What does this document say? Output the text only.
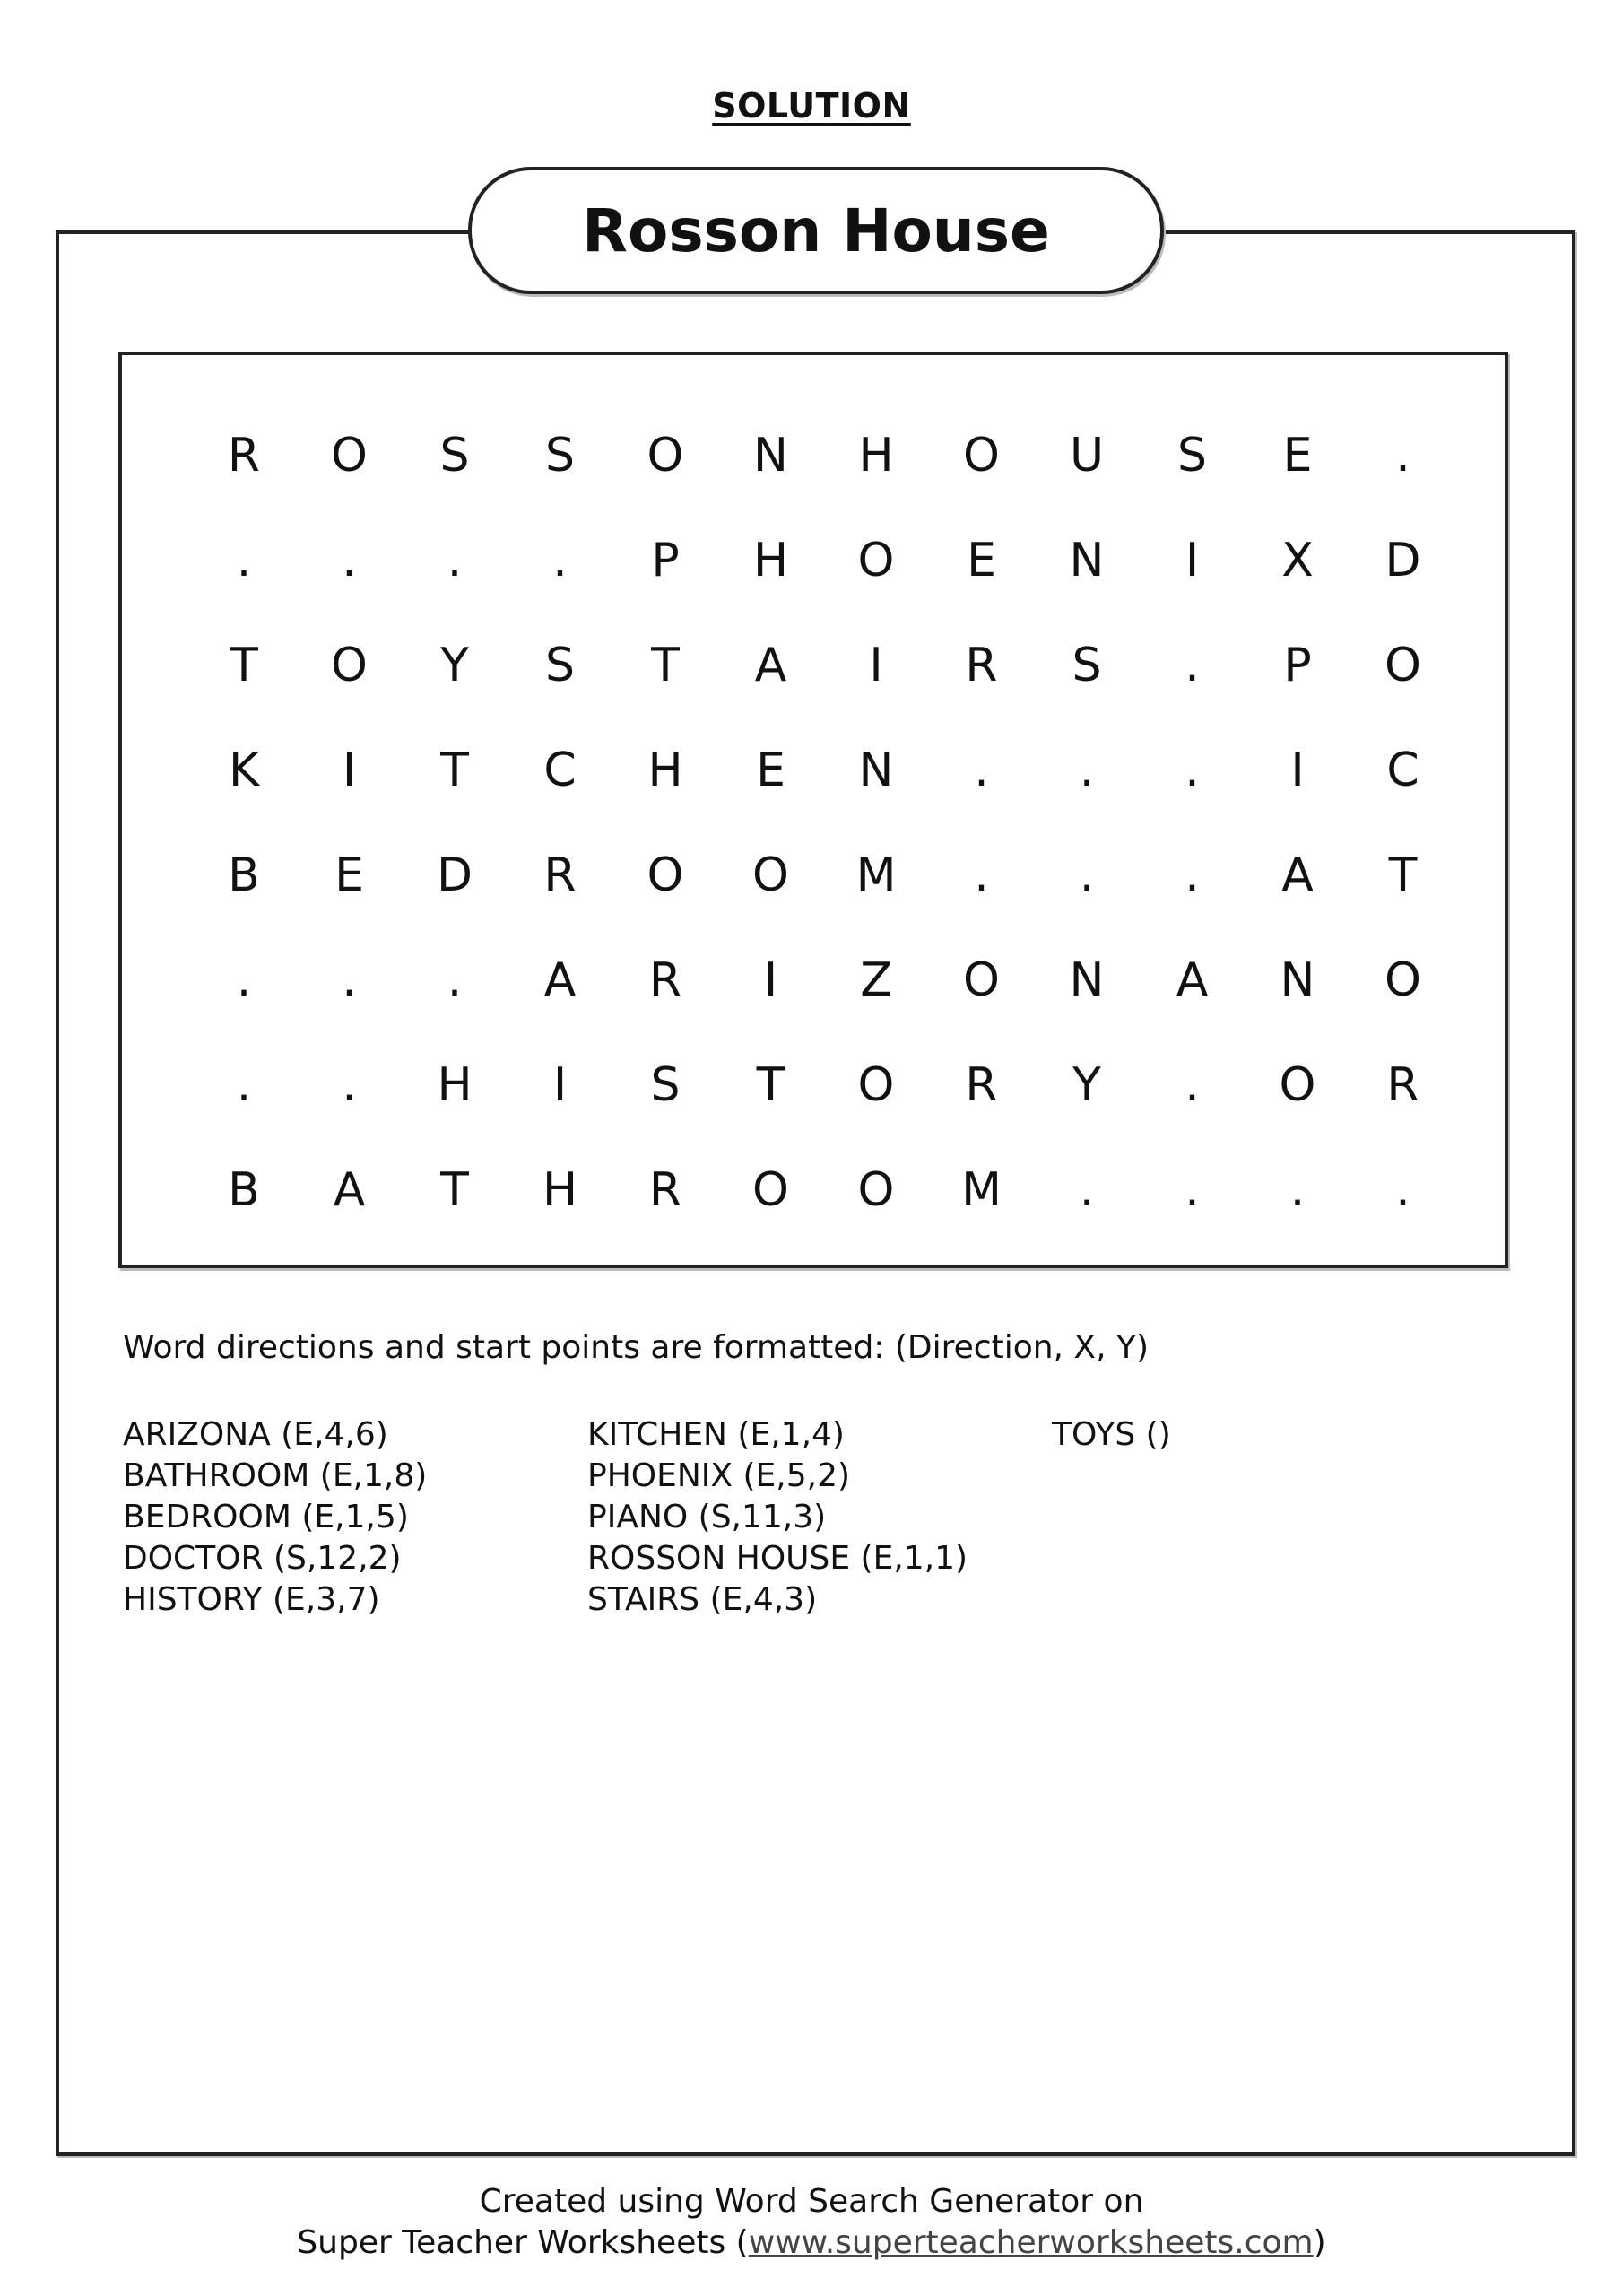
SOLUTION
Rosson House
R	O	S	S	O	N	H	O	U	S	E	.
.	.	.	.	P	H	O	E	N	I	X	D
T	O	Y	S	T	A	I	R	S	.	P	O
K	I	T	C	H	E	N	.	.	.	I	C
B	E	D	R	O	O	M	.	.	.	A	T
.	.	.	A	R	I	Z	O	N	A	N	O
.	.	H	I	S	T	O	R	Y	.	O	R
B	A	T	H	R	O	O	M	.	.	.	.
Word directions and start points are formatted: (Direction, X, Y)
ARIZONA (E,4,6)
BATHROOM (E,1,8)
BEDROOM (E,1,5)
DOCTOR (S,12,2)
HISTORY (E,3,7)
KITCHEN (E,1,4)
PHOENIX (E,5,2)
PIANO (S,11,3)
ROSSON HOUSE (E,1,1)
STAIRS (E,4,3)
TOYS ()
Created using Word Search Generator on
Super Teacher Worksheets (www.superteacherworksheets.com)
